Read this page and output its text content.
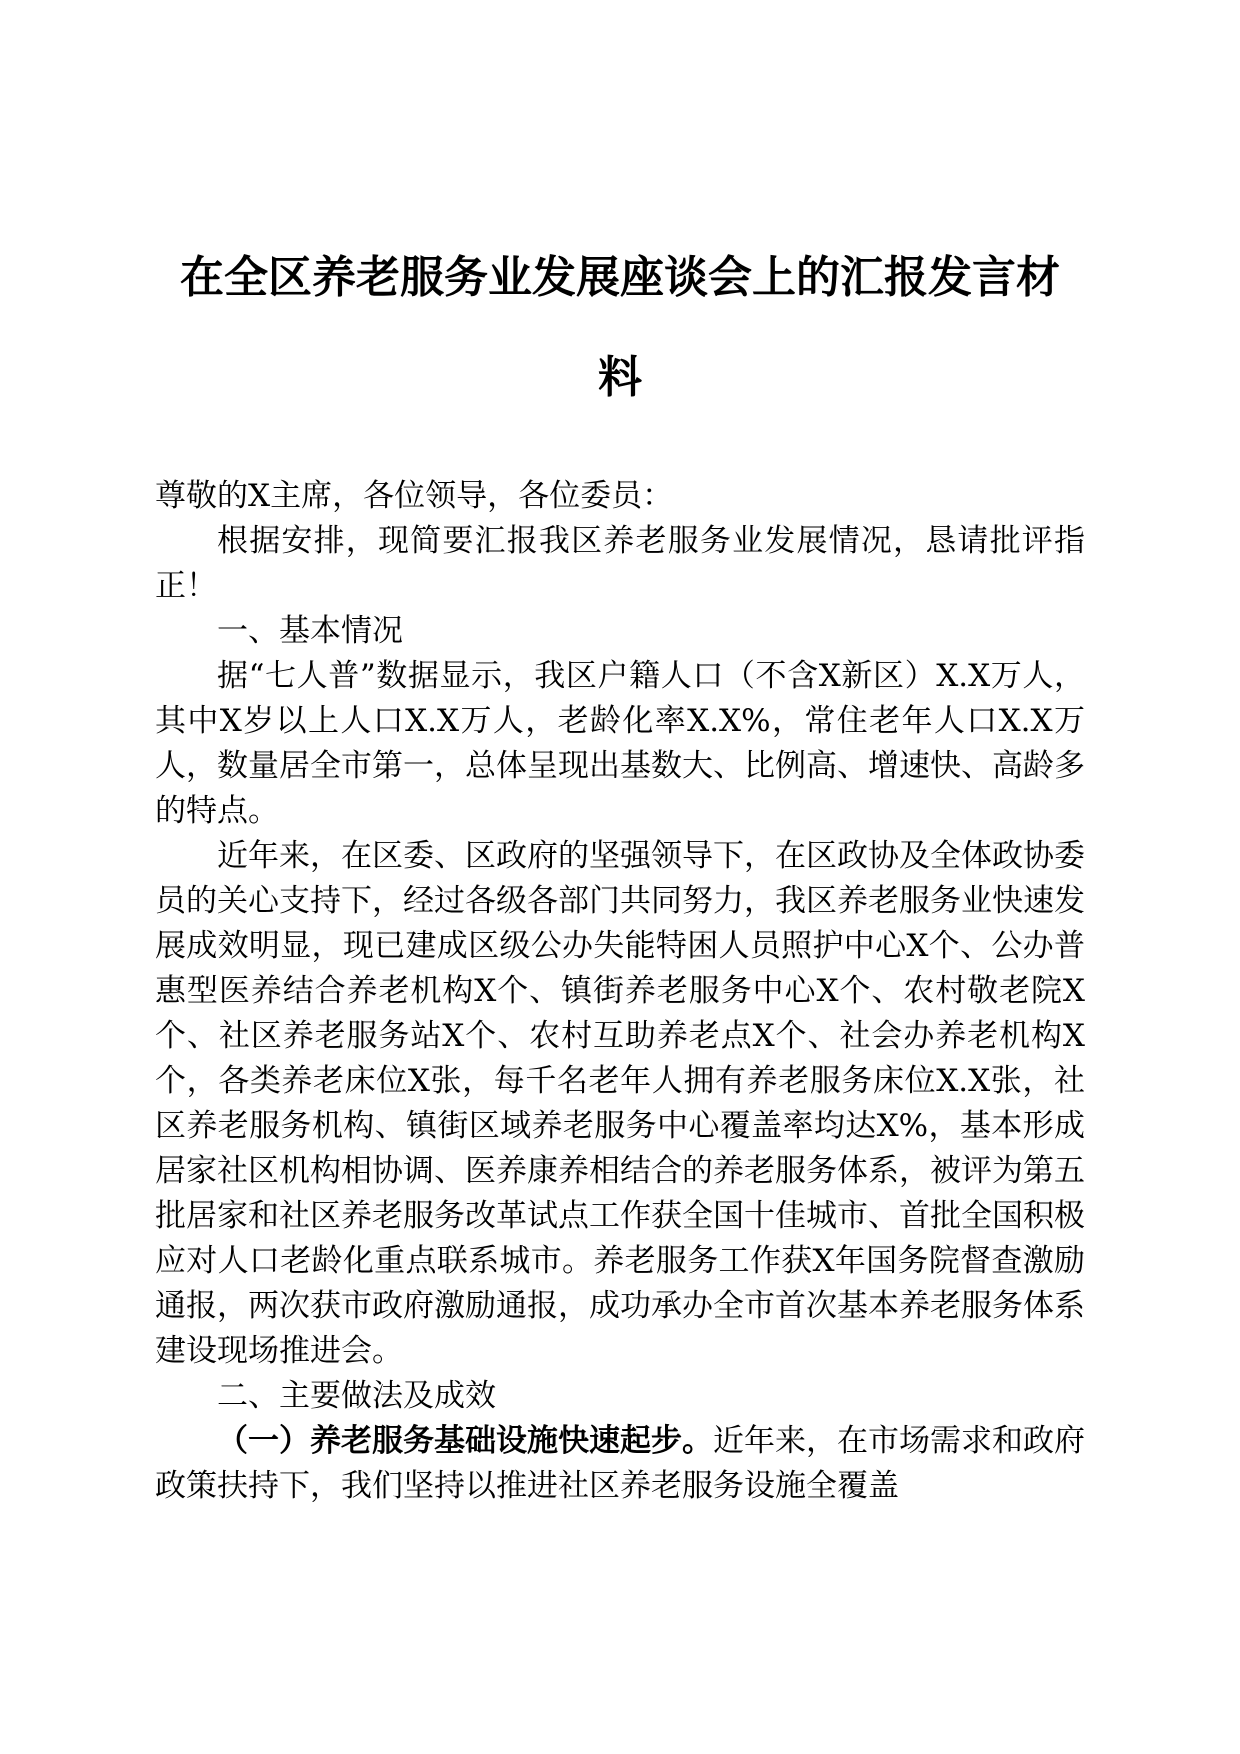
在全区养老服务业发展座谈会上的汇报发言材
料

尊敬的X主席，各位领导，各位委员：

根据安排，现简要汇报我区养老服务业发展情况，恳请批评指正！

一、基本情况

据“七人普”数据显示，我区户籍人口（不含X新区）X.X万人，其中X岁以上人口X.X万人，老龄化率X.X%，常住老年人口X.X万人，数量居全市第一，总体呈现出基数大、比例高、增速快、高龄多的特点。

近年来，在区委、区政府的坚强领导下，在区政协及全体政协委员的关心支持下，经过各级各部门共同努力，我区养老服务业快速发展成效明显，现已建成区级公办失能特困人员照护中心X个、公办普惠型医养结合养老机构X个、镇街养老服务中心X个、农村敬老院X个、社区养老服务站X个、农村互助养老点X个、社会办养老机构X个，各类养老床位X张，每千名老年人拥有养老服务床位X.X张，社区养老服务机构、镇街区域养老服务中心覆盖率均达X%，基本形成居家社区机构相协调、医养康养相结合的养老服务体系，被评为第五批居家和社区养老服务改革试点工作获全国十佳城市、首批全国积极应对人口老龄化重点联系城市。养老服务工作获X年国务院督查激励通报，两次获市政府激励通报，成功承办全市首次基本养老服务体系建设现场推进会。

二、主要做法及成效

（一）养老服务基础设施快速起步。近年来，在市场需求和政府政策扶持下，我们坚持以推进社区养老服务设施全覆盖
